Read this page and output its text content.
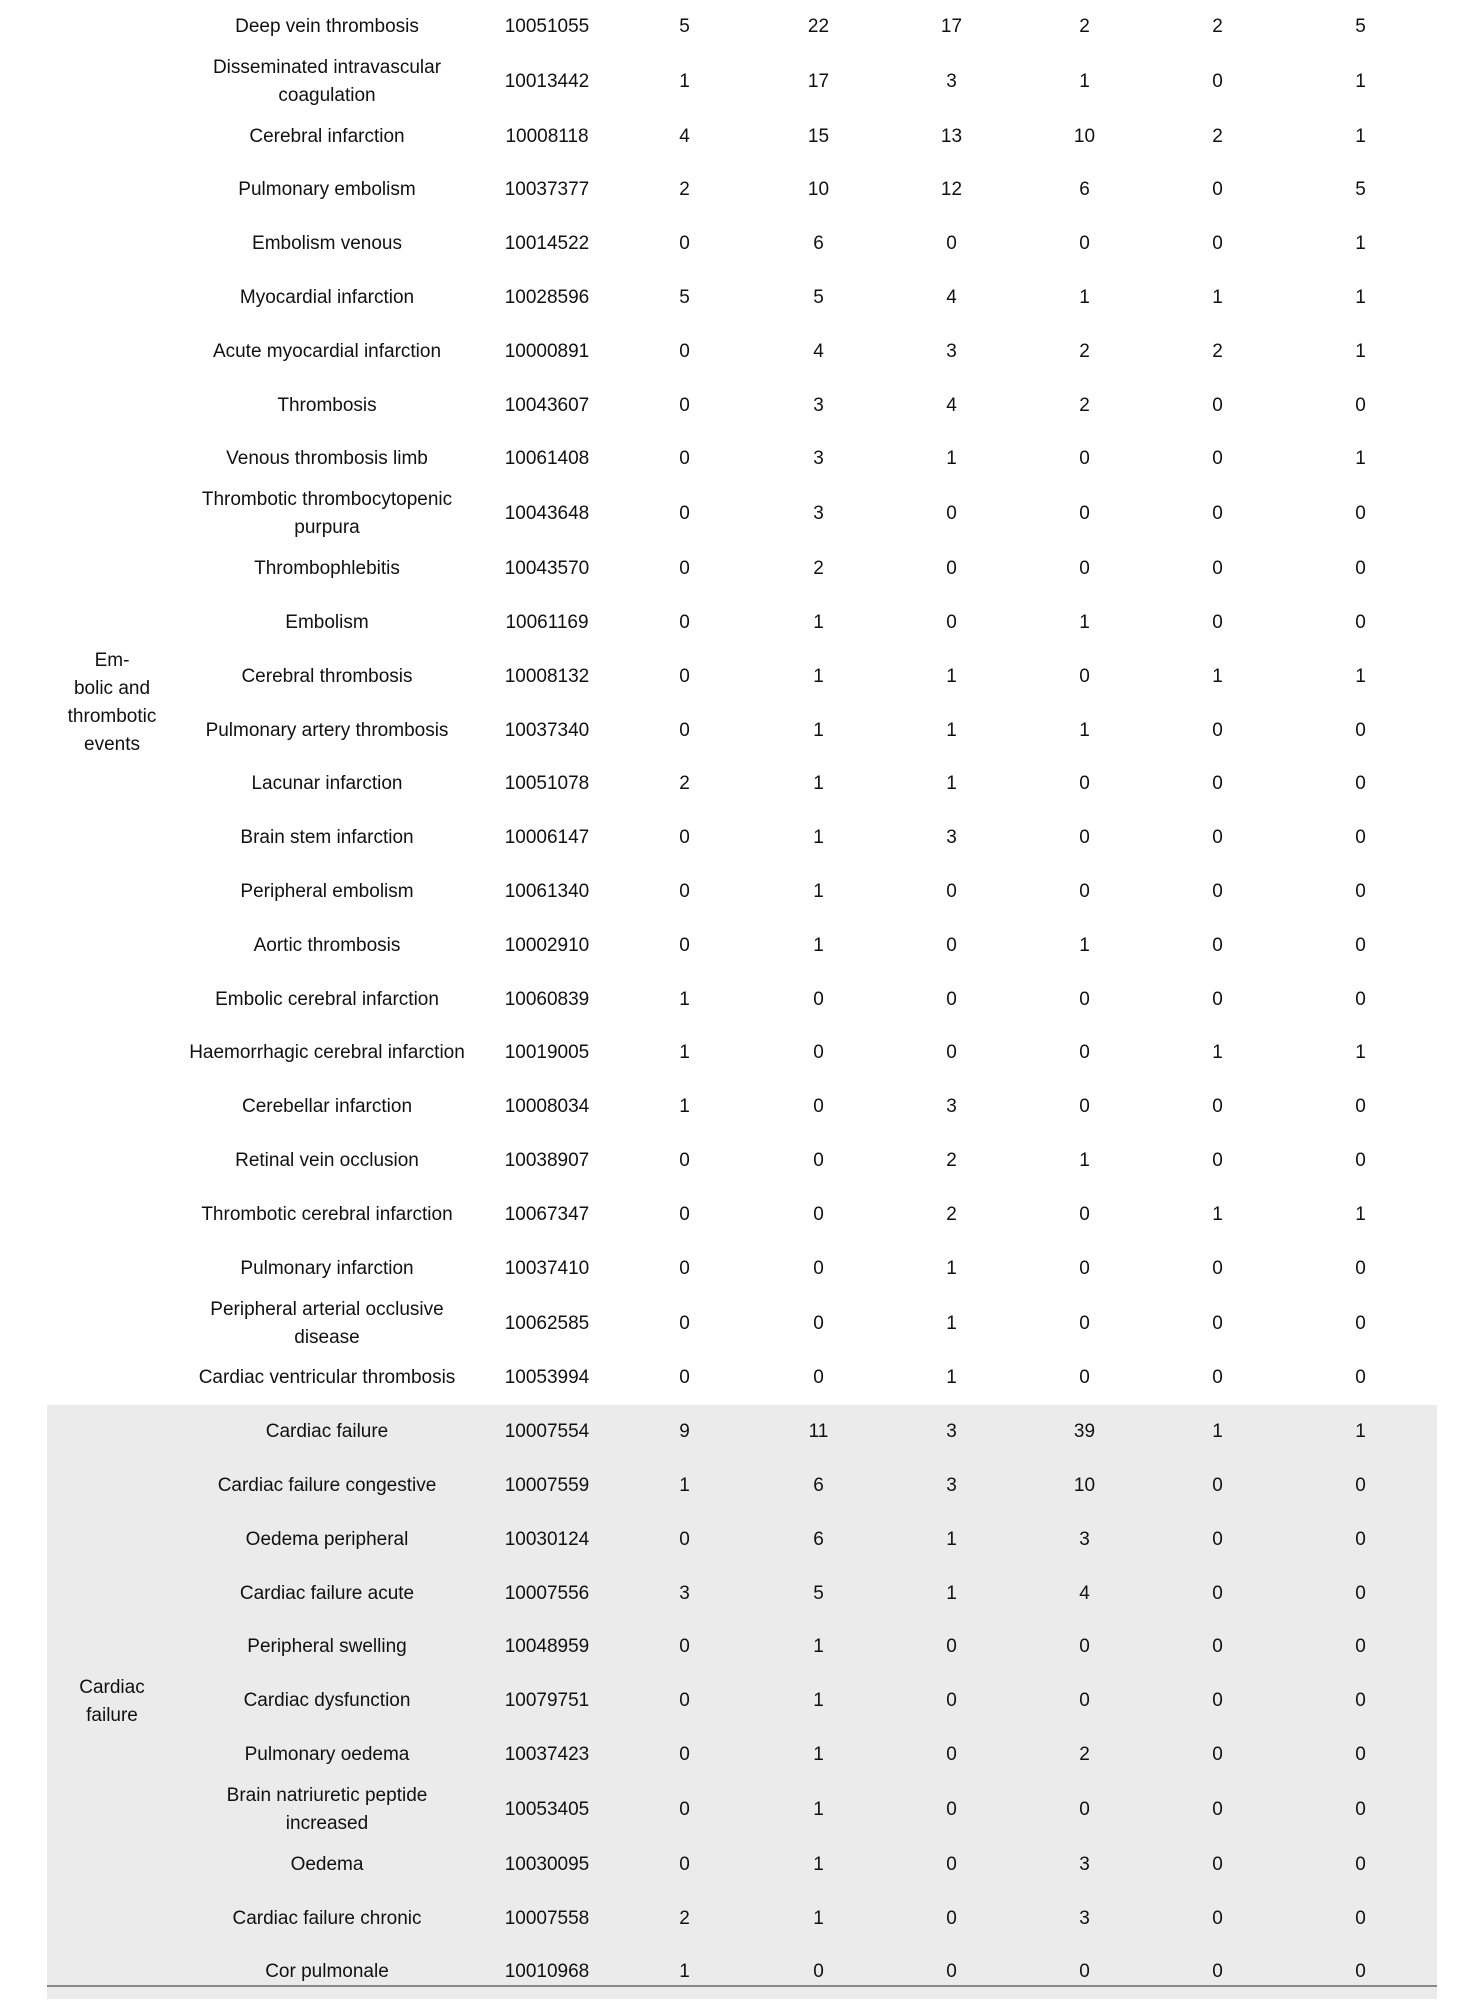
Em-
bolic and
thrombotic
events	Deep vein thrombosis	10051055	5	22	17	2	2	5
	Disseminated intravascular coagulation	10013442	1	17	3	1	0	1
	Cerebral infarction	10008118	4	15	13	10	2	1
	Pulmonary embolism	10037377	2	10	12	6	0	5
	Embolism venous	10014522	0	6	0	0	0	1
	Myocardial infarction	10028596	5	5	4	1	1	1
	Acute myocardial infarction	10000891	0	4	3	2	2	1
	Thrombosis	10043607	0	3	4	2	0	0
	Venous thrombosis limb	10061408	0	3	1	0	0	1
	Thrombotic thrombocytopenic purpura	10043648	0	3	0	0	0	0
	Thrombophlebitis	10043570	0	2	0	0	0	0
	Embolism	10061169	0	1	0	1	0	0
	Cerebral thrombosis	10008132	0	1	1	0	1	1
	Pulmonary artery thrombosis	10037340	0	1	1	1	0	0
	Lacunar infarction	10051078	2	1	1	0	0	0
	Brain stem infarction	10006147	0	1	3	0	0	0
	Peripheral embolism	10061340	0	1	0	0	0	0
	Aortic thrombosis	10002910	0	1	0	1	0	0
	Embolic cerebral infarction	10060839	1	0	0	0	0	0
	Haemorrhagic cerebral infarction	10019005	1	0	0	0	1	1
	Cerebellar infarction	10008034	1	0	3	0	0	0
	Retinal vein occlusion	10038907	0	0	2	1	0	0
	Thrombotic cerebral infarction	10067347	0	0	2	0	1	1
	Pulmonary infarction	10037410	0	0	1	0	0	0
	Peripheral arterial occlusive disease	10062585	0	0	1	0	0	0
	Cardiac ventricular thrombosis	10053994	0	0	1	0	0	0
Cardiac
failure	Cardiac failure	10007554	9	11	3	39	1	1
	Cardiac failure congestive	10007559	1	6	3	10	0	0
	Oedema peripheral	10030124	0	6	1	3	0	0
	Cardiac failure acute	10007556	3	5	1	4	0	0
	Peripheral swelling	10048959	0	1	0	0	0	0
	Cardiac dysfunction	10079751	0	1	0	0	0	0
	Pulmonary oedema	10037423	0	1	0	2	0	0
	Brain natriuretic peptide increased	10053405	0	1	0	0	0	0
	Oedema	10030095	0	1	0	3	0	0
	Cardiac failure chronic	10007558	2	1	0	3	0	0
	Cor pulmonale	10010968	1	0	0	0	0	0
